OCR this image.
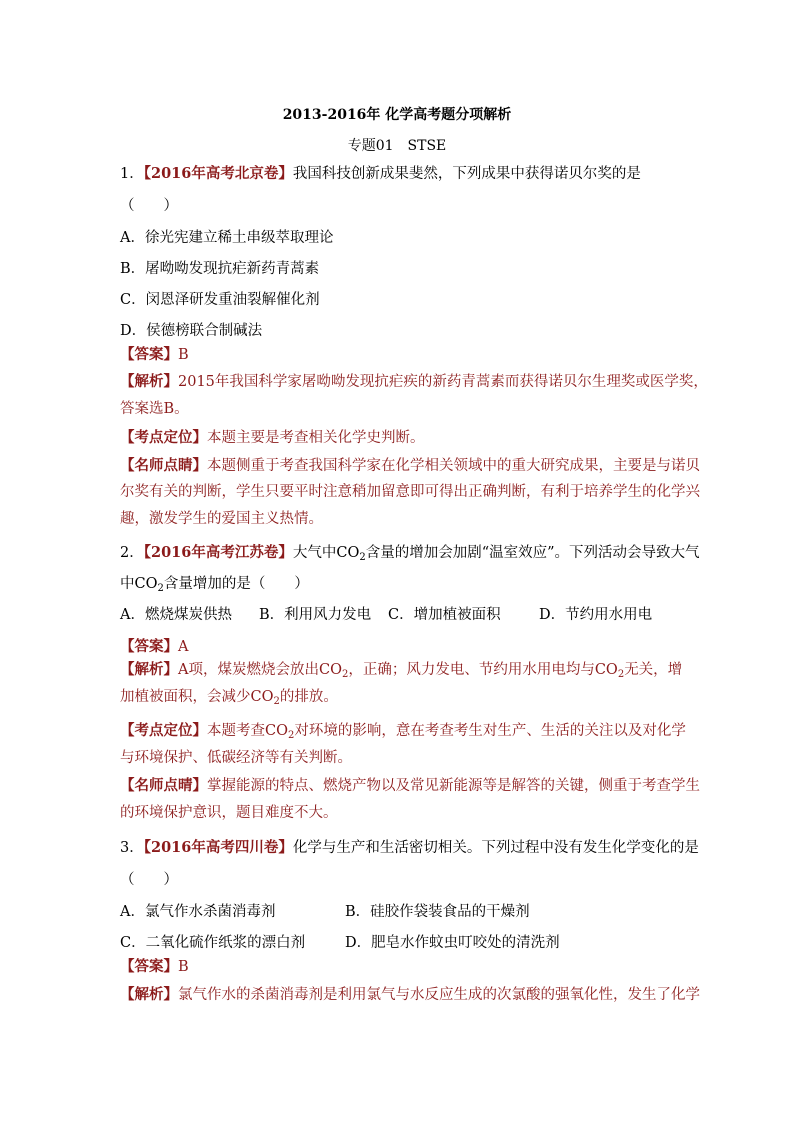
2013-2016年 化学高考题分项解析
专题01　STSE
1．【2016年高考北京卷】我国科技创新成果斐然，下列成果中获得诺贝尔奖的是
（　　）
A．徐光宪建立稀土串级萃取理论
B．屠呦呦发现抗疟新药青蒿素
C．闵恩泽研发重油裂解催化剂
D．侯德榜联合制碱法
【答案】B
【解析】2015年我国科学家屠呦呦发现抗疟疾的新药青蒿素而获得诺贝尔生理奖或医学奖，
答案选B。
【考点定位】本题主要是考查相关化学史判断。
【名师点睛】本题侧重于考查我国科学家在化学相关领域中的重大研究成果，主要是与诺贝
尔奖有关的判断，学生只要平时注意稍加留意即可得出正确判断，有利于培养学生的化学兴
趣，激发学生的爱国主义热情。
2．【2016年高考江苏卷】大气中$CO_2$含量的增加会加剧“温室效应”。下列活动会导致大气
中$CO_2$含量增加的是（　　）
A．燃烧煤炭供热 B．利用风力发电 C．增加植被面积	D．节约用水用电
【答案】A
【解析】A项，煤炭燃烧会放出$CO_2$，正确；风力发电、节约用水用电均与$CO_2$无关，增
加植被面积，会减少$CO_2$的排放。
【考点定位】本题考查$CO_2$对环境的影响，意在考查考生对生产、生活的关注以及对化学
与环境保护、低碳经济等有关判断。
【名师点晴】掌握能源的特点、燃烧产物以及常见新能源等是解答的关键，侧重于考查学生
的环境保护意识，题目难度不大。
3．【2016年高考四川卷】化学与生产和生活密切相关。下列过程中没有发生化学变化的是
（　　）
A．氯气作水杀菌消毒剂	B．硅胶作袋装食品的干燥剂
C．二氧化硫作纸浆的漂白剂	D．肥皂水作蚊虫叮咬处的清洗剂
【答案】B
【解析】氯气作水的杀菌消毒剂是利用氯气与水反应生成的次氯酸的强氧化性，发生了化学
